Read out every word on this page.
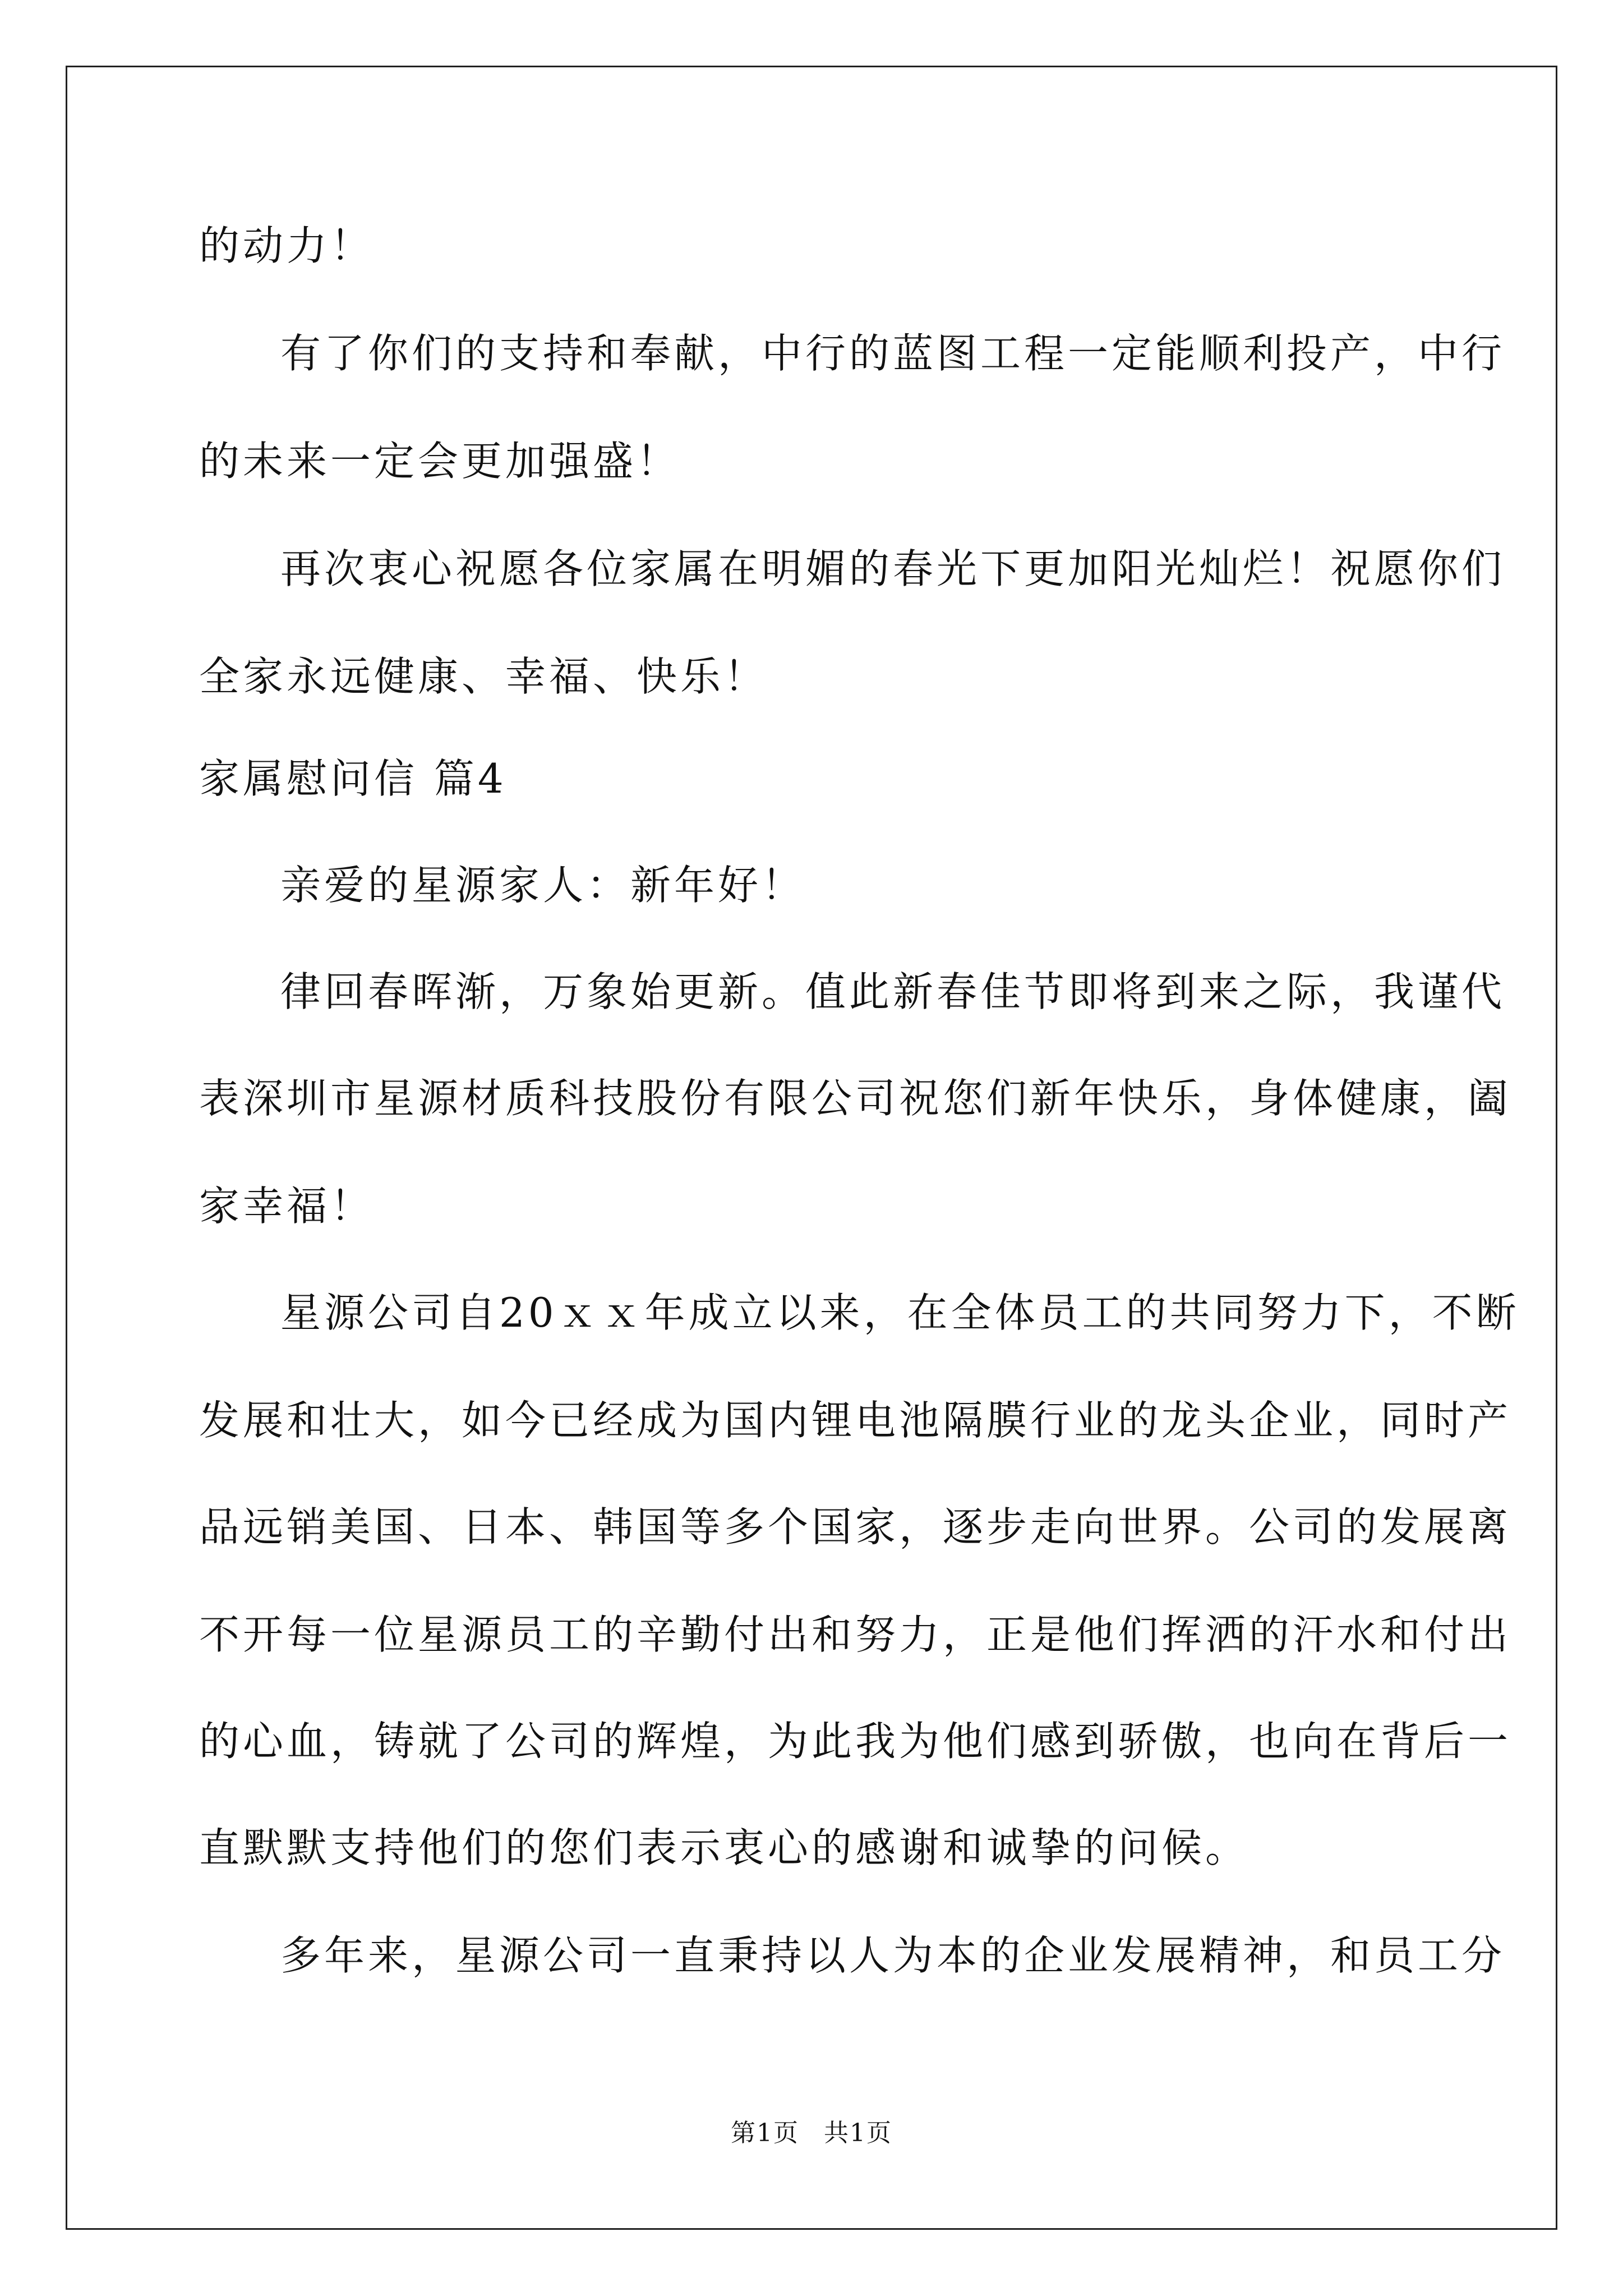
的动力！
有了你们的支持和奉献，中行的蓝图工程一定能顺利投产，中行
的未来一定会更加强盛！
再次衷心祝愿各位家属在明媚的春光下更加阳光灿烂！祝愿你们
全家永远健康、幸福、快乐！
家属慰问信 篇4
亲爱的星源家人：新年好！
律回春晖渐，万象始更新。值此新春佳节即将到来之际，我谨代
表深圳市星源材质科技股份有限公司祝您们新年快乐，身体健康，阖
家幸福！
星源公司自20ｘｘ年成立以来，在全体员工的共同努力下，不断
发展和壮大，如今已经成为国内锂电池隔膜行业的龙头企业，同时产
品远销美国、日本、韩国等多个国家，逐步走向世界。公司的发展离
不开每一位星源员工的辛勤付出和努力，正是他们挥洒的汗水和付出
的心血，铸就了公司的辉煌，为此我为他们感到骄傲，也向在背后一
直默默支持他们的您们表示衷心的感谢和诚挚的问候。
多年来，星源公司一直秉持以人为本的企业发展精神，和员工分
第1页 共1页
